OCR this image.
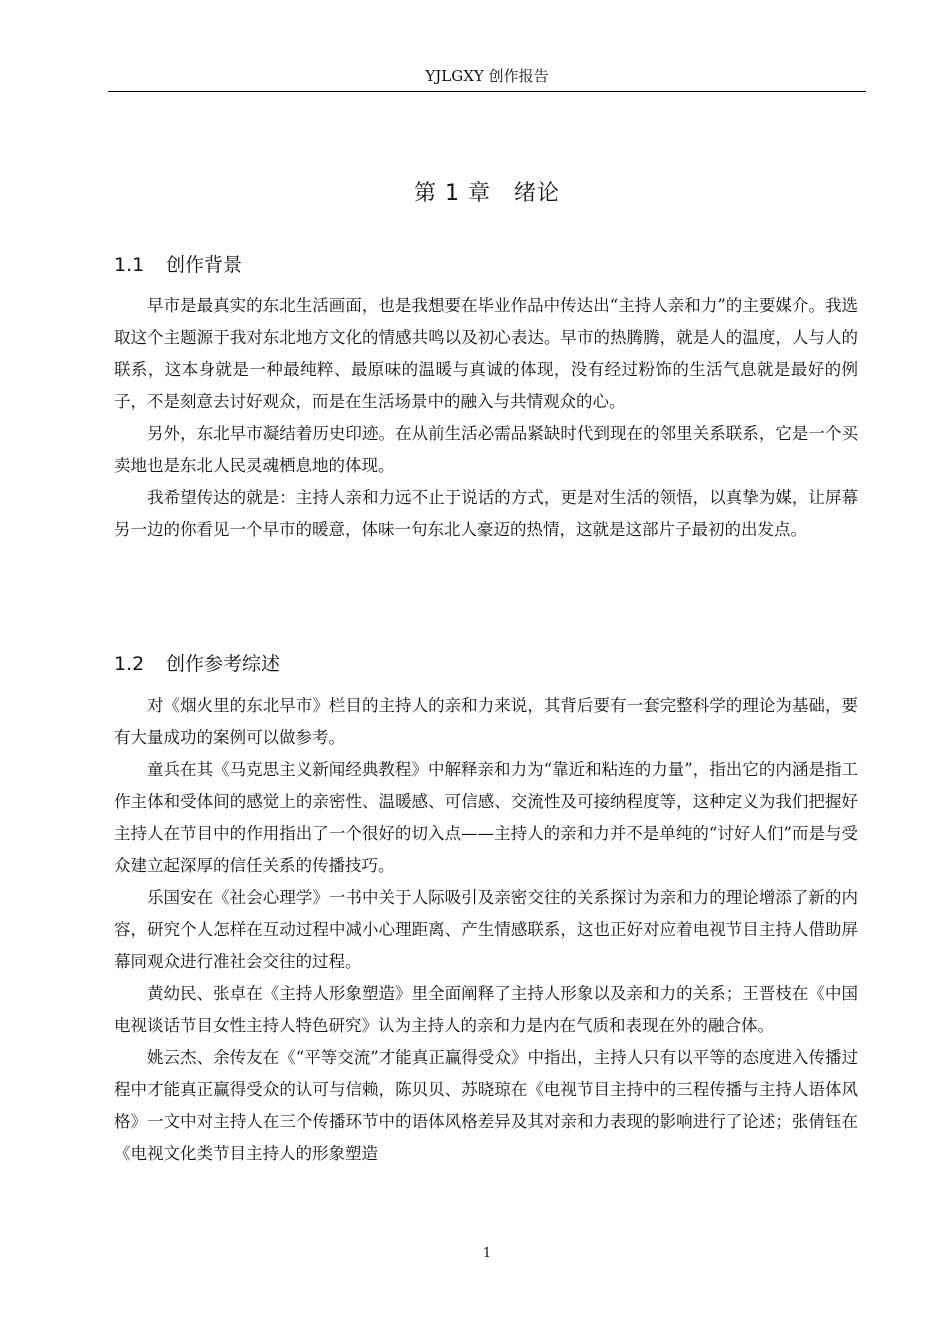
YJLGXY 创作报告
第 1 章　绪论
1.1 创作背景

早市是最真实的东北生活画面，也是我想要在毕业作品中传达出“主持人亲和力”的主要媒介。我选取这个主题源于我对东北地方文化的情感共鸣以及初心表达。早市的热腾腾，就是人的温度，人与人的联系，这本身就是一种最纯粹、最原味的温暖与真诚的体现，没有经过粉饰的生活气息就是最好的例子，不是刻意去讨好观众，而是在生活场景中的融入与共情观众的心。

另外，东北早市凝结着历史印迹。在从前生活必需品紧缺时代到现在的邻里关系联系，它是一个买卖地也是东北人民灵魂栖息地的体现。

我希望传达的就是：主持人亲和力远不止于说话的方式，更是对生活的领悟，以真挚为媒，让屏幕另一边的你看见一个早市的暖意，体味一句东北人豪迈的热情，这就是这部片子最初的出发点。

1.2 创作参考综述

对《烟火里的东北早市》栏目的主持人的亲和力来说，其背后要有一套完整科学的理论为基础，要有大量成功的案例可以做参考。

童兵在其《马克思主义新闻经典教程》中解释亲和力为“靠近和粘连的力量”，指出它的内涵是指工作主体和受体间的感觉上的亲密性、温暖感、可信感、交流性及可接纳程度等，这种定义为我们把握好主持人在节目中的作用指出了一个很好的切入点——主持人的亲和力并不是单纯的“讨好人们”而是与受众建立起深厚的信任关系的传播技巧。

乐国安在《社会心理学》一书中关于人际吸引及亲密交往的关系探讨为亲和力的理论增添了新的内容，研究个人怎样在互动过程中减小心理距离、产生情感联系，这也正好对应着电视节目主持人借助屏幕同观众进行准社会交往的过程。

黄幼民、张卓在《主持人形象塑造》里全面阐释了主持人形象以及亲和力的关系；王晋枝在《中国电视谈话节目女性主持人特色研究》认为主持人的亲和力是内在气质和表现在外的融合体。

姚云杰、余传友在《“平等交流”才能真正赢得受众》中指出，主持人只有以平等的态度进入传播过程中才能真正赢得受众的认可与信赖，陈贝贝、苏晓琼在《电视节目主持中的三程传播与主持人语体风格》一文中对主持人在三个传播环节中的语体风格差异及其对亲和力表现的影响进行了论述；张倩钰在《电视文化类节目主持人的形象塑造

1
